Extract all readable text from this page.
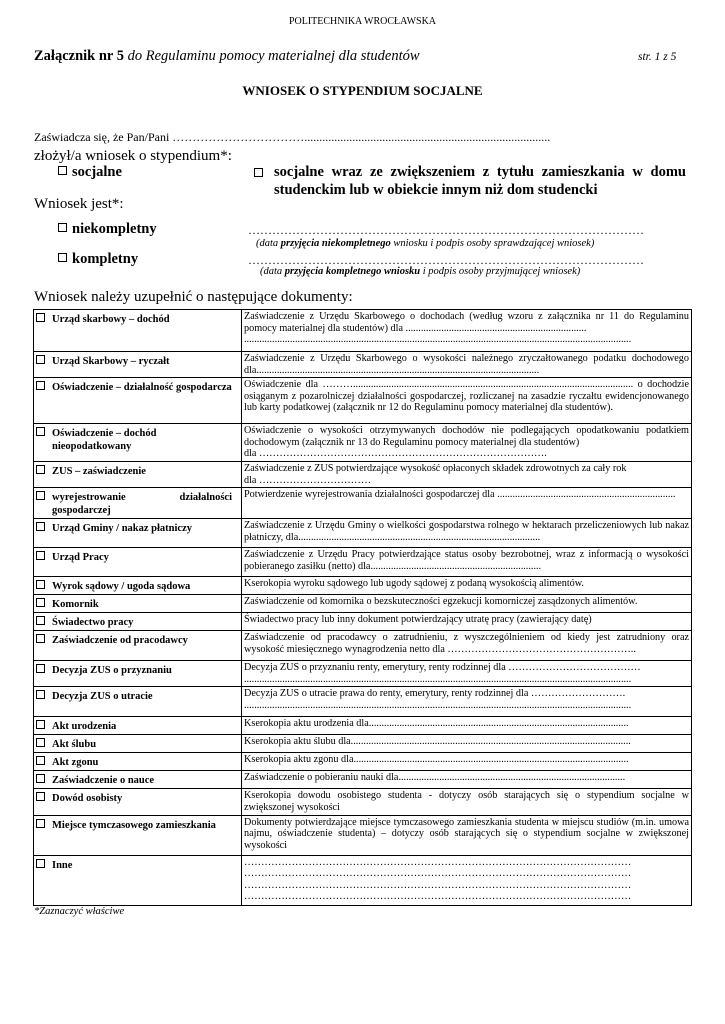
POLITECHNIKA WROCŁAWSKA
Załącznik nr 5 do Regulaminu pomocy materialnej dla studentów	str. 1 z 5
WNIOSEK O STYPENDIUM SOCJALNE
Zaświadcza się, że Pan/Pani ……………………………..................................................................................
złożył/a wniosek o stypendium*:
socjalne	socjalne wraz ze zwiększeniem z tytułu zamieszkania w domu studenckim lub w obiekcie innym niż dom studencki
Wniosek jest*:
niekompletny	………………………………………………………………………………………
(data przyjęcia niekompletnego wniosku i podpis osoby sprawdzającej wniosek)
kompletny	………………………………………………………………………………………
(data przyjęcia kompletnego wniosku i podpis osoby przyjmującej wniosek)
Wniosek należy uzupełnić o następujące dokumenty:
Urząd skarbowy – dochód	Zaświadczenie z Urzędu Skarbowego o dochodach (według wzoru z załącznika nr 11 do Regulaminu pomocy materialnej dla studentów) dla .......................................................................
........................................................................................................................................................
Urząd Skarbowy – ryczałt	Zaświadczenie z Urzędu Skarbowego o wysokości należnego zryczałtowanego podatku dochodowego dla...............................................................................................................
Oświadczenie – działalność gospodarcza	Oświadczenie dla ……….............................................................................................................. o dochodzie osiąganym z pozarolniczej działalności gospodarczej, rozliczanej na zasadzie ryczałtu ewidencjonowanego lub karty podatkowej (załącznik nr 12 do Regulaminu pomocy materialnej dla studentów).
Oświadczenie – dochód nieopodatkowany	Oświadczenie o wysokości otrzymywanych dochodów nie podlegających opodatkowaniu podatkiem dochodowym (załącznik nr 13 do Regulaminu pomocy materialnej dla studentów)
dla ………………………………………………………………………….
ZUS – zaświadczenie	Zaświadczenie z ZUS potwierdzające wysokość opłaconych składek zdrowotnych za cały rok
dla ……………………………
wyrejestrowanie działalności gospodarczej	Potwierdzenie wyrejestrowania działalności gospodarczej dla ......................................................................
Urząd Gminy / nakaz płatniczy	Zaświadczenie z Urzędu Gminy o wielkości gospodarstwa rolnego w hektarach przeliczeniowych lub nakaz płatniczy, dla...............................................................................................
Urząd Pracy	Zaświadczenie z Urzędu Pracy potwierdzające status osoby bezrobotnej, wraz z informacją o wysokości pobieranego zasiłku (netto) dla...................................................................
Wyrok sądowy / ugoda sądowa	Kserokopia wyroku sądowego lub ugody sądowej z podaną wysokością alimentów.
Komornik	Zaświadczenie od komornika o bezskuteczności egzekucji komorniczej zasądzonych alimentów.
Świadectwo pracy	Świadectwo pracy lub inny dokument potwierdzający utratę pracy (zawierający datę)
Zaświadczenie od pracodawcy	Zaświadczenie od pracodawcy o zatrudnieniu, z wyszczególnieniem od kiedy jest zatrudniony oraz wysokość miesięcznego wynagrodzenia netto dla ………………………………………………..
Decyzja ZUS o przyznaniu	Decyzja ZUS o przyznaniu renty, emerytury, renty rodzinnej dla …………………………………
........................................................................................................................................................
Decyzja ZUS o utracie	Decyzja ZUS o utracie prawa do renty, emerytury, renty rodzinnej dla ……………………….
........................................................................................................................................................
Akt urodzenia	Kserokopia aktu urodzenia dla......................................................................................................
Akt ślubu	Kserokopia aktu ślubu dla..............................................................................................................
Akt zgonu	Kserokopia aktu zgonu dla............................................................................................................
Zaświadczenie o nauce	Zaświadczenie o pobieraniu nauki dla.........................................................................................
Dowód osobisty	Kserokopia dowodu osobistego studenta - dotyczy osób starających się o stypendium socjalne w zwiększonej wysokości
Miejsce tymczasowego zamieszkania	Dokumenty potwierdzające miejsce tymczasowego zamieszkania studenta w miejscu studiów (m.in. umowa najmu, oświadczenie studenta) – dotyczy osób starających się o stypendium socjalne w zwiększonej wysokości
Inne	……………………………………………………………………………………………………
……………………………………………………………………………………………………
……………………………………………………………………………………………………
……………………………………………………………………………………………………
*Zaznaczyć właściwe
